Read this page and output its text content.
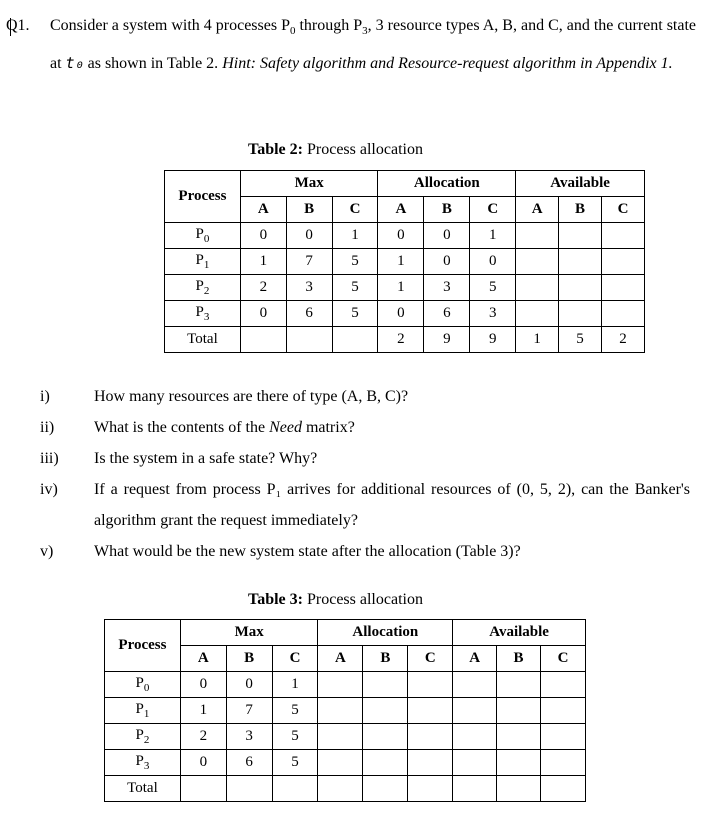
Q1. Consider a system with 4 processes $P_0$ through $P_3$, 3 resource types A, B, and C, and the current state at t₀ as shown in Table 2. Hint: Safety algorithm and Resource-request algorithm in Appendix 1.
Table 2: Process allocation
Process	Max			Allocation			Available		
	A	B	C	A	B	C	A	B	C
$P_0$	0	0	1	0	0	1			
$P_1$	1	7	5	1	0	0			
$P_2$	2	3	5	1	3	5			
$P_3$	0	6	5	0	6	3			
Total				2	9	9	1	5	2
i)	How many resources are there of type (A, B, C)?
ii)	What is the contents of the Need matrix?
iii)	Is the system in a safe state? Why?
iv)	If a request from process P₁ arrives for additional resources of (0, 5, 2), can the Banker's algorithm grant the request immediately?
v)	What would be the new system state after the allocation (Table 3)?
Table 3: Process allocation
Process	Max			Allocation			Available		
	A	B	C	A	B	C	A	B	C
$P_0$	0	0	1						
$P_1$	1	7	5						
$P_2$	2	3	5						
$P_3$	0	6	5						
Total									
